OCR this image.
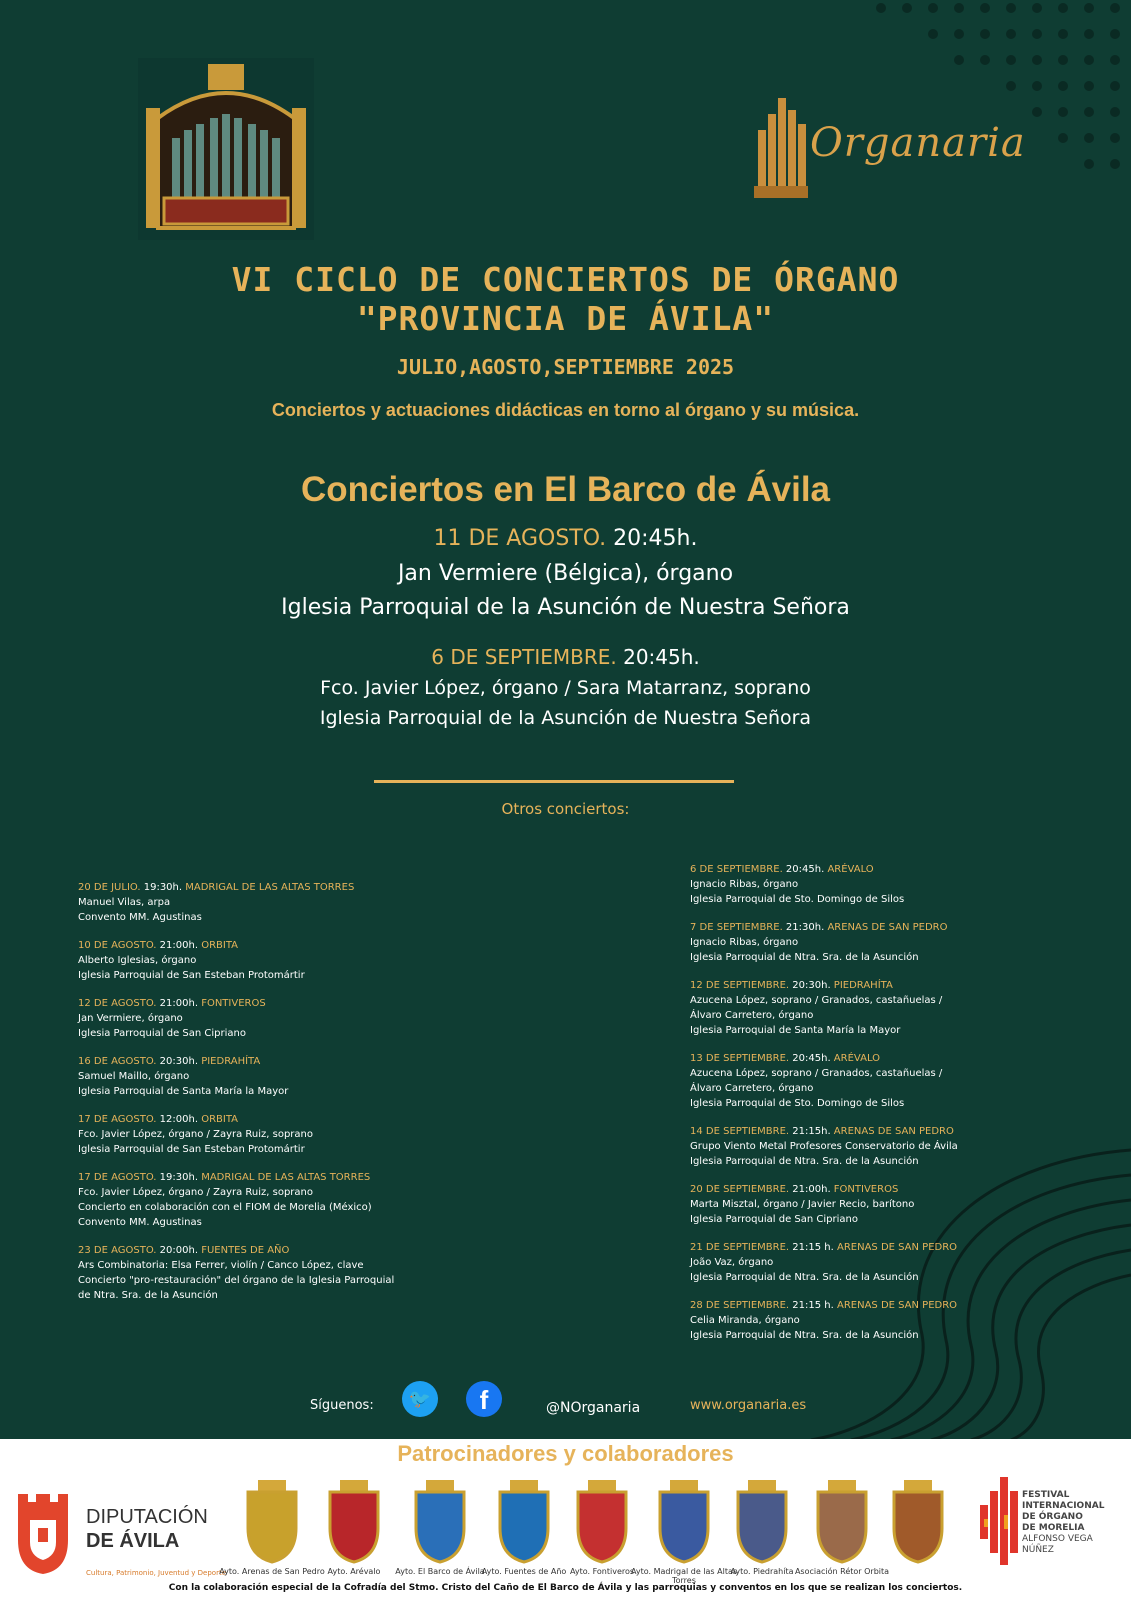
Organaria
VI CICLO DE CONCIERTOS DE ÓRGANO
"PROVINCIA DE ÁVILA"
JULIO,AGOSTO,SEPTIEMBRE 2025
Conciertos y actuaciones didácticas en torno al órgano y su música.
Conciertos en El Barco de Ávila
11 DE AGOSTO. 20:45h.
Jan Vermiere (Bélgica), órgano
Iglesia Parroquial de la Asunción de Nuestra Señora
6 DE SEPTIEMBRE. 20:45h.
Fco. Javier López, órgano / Sara Matarranz, soprano
Iglesia Parroquial de la Asunción de Nuestra Señora
Otros conciertos:
20 DE JULIO. 19:30h. MADRIGAL DE LAS ALTAS TORRES
Manuel Vilas, arpa
Convento MM. Agustinas
10 DE AGOSTO. 21:00h. ORBITA
Alberto Iglesias, órgano
Iglesia Parroquial de San Esteban Protomártir
12 DE AGOSTO. 21:00h. FONTIVEROS
Jan Vermiere, órgano
Iglesia Parroquial de San Cipriano
16 DE AGOSTO. 20:30h. PIEDRAHÍTA
Samuel Maillo, órgano
Iglesia Parroquial de Santa María la Mayor
17 DE AGOSTO. 12:00h. ORBITA
Fco. Javier López, órgano / Zayra Ruiz, soprano
Iglesia Parroquial de San Esteban Protomártir
17 DE AGOSTO. 19:30h. MADRIGAL DE LAS ALTAS TORRES
Fco. Javier López, órgano / Zayra Ruiz, soprano
Concierto en colaboración con el FIOM de Morelia (México)
Convento MM. Agustinas
23 DE AGOSTO. 20:00h. FUENTES DE AÑO
Ars Combinatoria: Elsa Ferrer, violín / Canco López, clave
Concierto "pro-restauración" del órgano de la Iglesia Parroquial
de Ntra. Sra. de la Asunción
6 DE SEPTIEMBRE. 20:45h. ARÉVALO
Ignacio Ribas, órgano
Iglesia Parroquial de Sto. Domingo de Silos
7 DE SEPTIEMBRE. 21:30h. ARENAS DE SAN PEDRO
Ignacio Ribas, órgano
Iglesia Parroquial de Ntra. Sra. de la Asunción
12 DE SEPTIEMBRE. 20:30h. PIEDRAHÍTA
Azucena López, soprano / Granados, castañuelas /
Álvaro Carretero, órgano
Iglesia Parroquial de Santa María la Mayor
13 DE SEPTIEMBRE. 20:45h. ARÉVALO
Azucena López, soprano / Granados, castañuelas /
Álvaro Carretero, órgano
Iglesia Parroquial de Sto. Domingo de Silos
14 DE SEPTIEMBRE. 21:15h. ARENAS DE SAN PEDRO
Grupo Viento Metal Profesores Conservatorio de Ávila
Iglesia Parroquial de Ntra. Sra. de la Asunción
20 DE SEPTIEMBRE. 21:00h. FONTIVEROS
Marta Misztal, órgano / Javier Recio, barítono
Iglesia Parroquial de San Cipriano
21 DE SEPTIEMBRE. 21:15 h. ARENAS DE SAN PEDRO
João Vaz, órgano
Iglesia Parroquial de Ntra. Sra. de la Asunción
28 DE SEPTIEMBRE. 21:15 h. ARENAS DE SAN PEDRO
Celia Miranda, órgano
Iglesia Parroquial de Ntra. Sra. de la Asunción
Síguenos:	🐦	f	@NOrganaria	www.organaria.es
Patrocinadores y colaboradores
DIPUTACIÓN
DE ÁVILA
Cultura, Patrimonio, Juventud y Deporte
Ayto. Arenas de San Pedro Ayto. Arévalo	Ayto. El Barco de Ávila
Ayto. Fuentes de Año Ayto. Fontiveros
Ayto. Madrigal de las Altas Torres
Ayto. Piedrahíta Asociación Rétor Orbita
FESTIVAL
INTERNACIONAL
DE ÓRGANO
DE MORELIA
ALFONSO VEGA
NÚÑEZ
Con la colaboración especial de la Cofradía del Stmo. Cristo del Caño de El Barco de Ávila y las parroquias y conventos en los que se realizan los conciertos.
